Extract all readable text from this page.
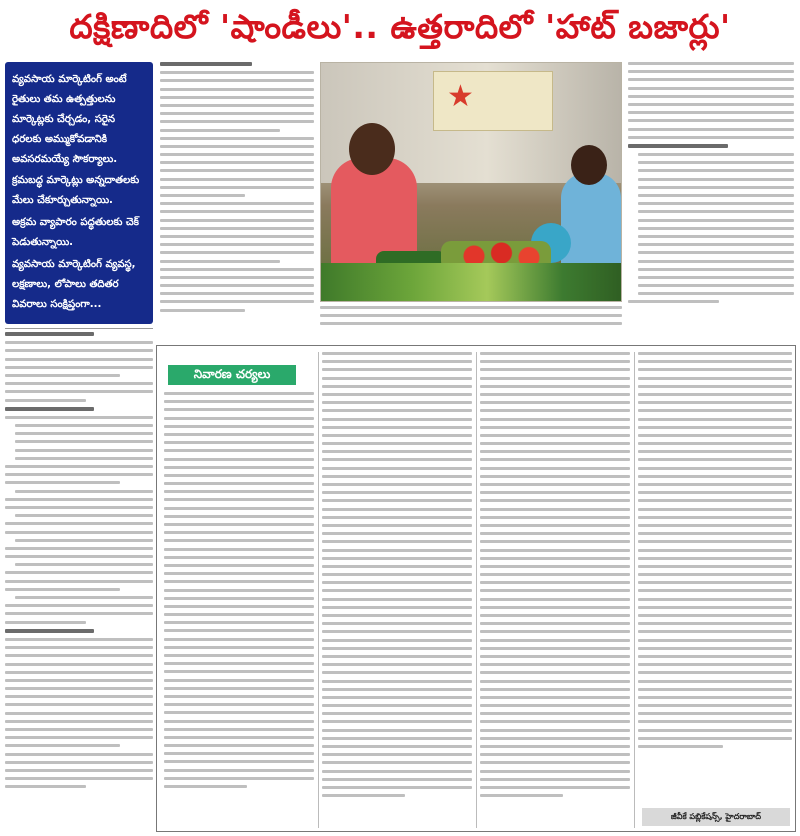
దక్షిణాదిలో 'షాండీలు'.. ఉత్తరాదిలో 'హాట్ బజార్లు'

వ్యవసాయ మార్కెటింగ్ అంటే రైతులు తమ ఉత్పత్తులను మార్కెట్లకు చేర్చడం, సరైన ధరలకు అమ్ముకోవడానికి అవసరమయ్యే సౌకర్యాలు.

క్రమబద్ధ మార్కెట్లు అన్నదాతలకు మేలు చేకూర్చుతున్నాయి.

అక్రమ వ్యాపారం పద్ధతులకు చెక్ పెడుతున్నాయి.

వ్యవసాయ మార్కెటింగ్ వ్యవస్థ, లక్షణాలు, లోపాలు తదితర వివరాలు సంక్షిప్తంగా...

★
నివారణ చర్యలు
జీవీకే పబ్లికేషన్స్, హైదరాబాద్
